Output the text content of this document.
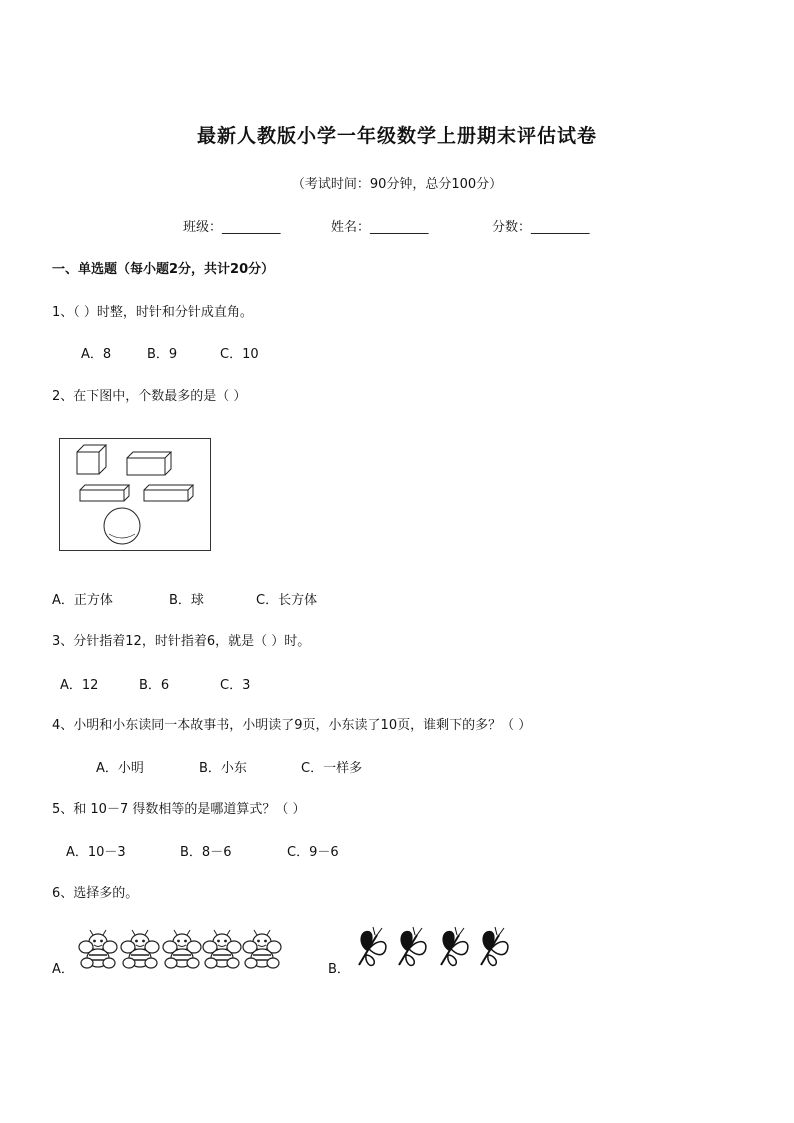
最新人教版小学一年级数学上册期末评估试卷
（考试时间：90分钟，总分100分）
班级：_________	姓名：_________	分数：_________
一、单选题（每小题2分，共计20分）
1、（ ）时整，时针和分针成直角。
A．8	B．9	C．10
2、在下图中，个数最多的是（ ）
A．正方体	B．球	C．长方体
3、分针指着12，时针指着6，就是（ ）时。
A．12	B．6	C．3
4、小明和小东读同一本故事书，小明读了9页，小东读了10页，谁剩下的多？（ ）
A．小明	B．小东	C．一样多
5、和 10－7 得数相等的是哪道算式？（ ）
A．10－3	B．8－6	C．9－6
6、选择多的。
A．	B．
